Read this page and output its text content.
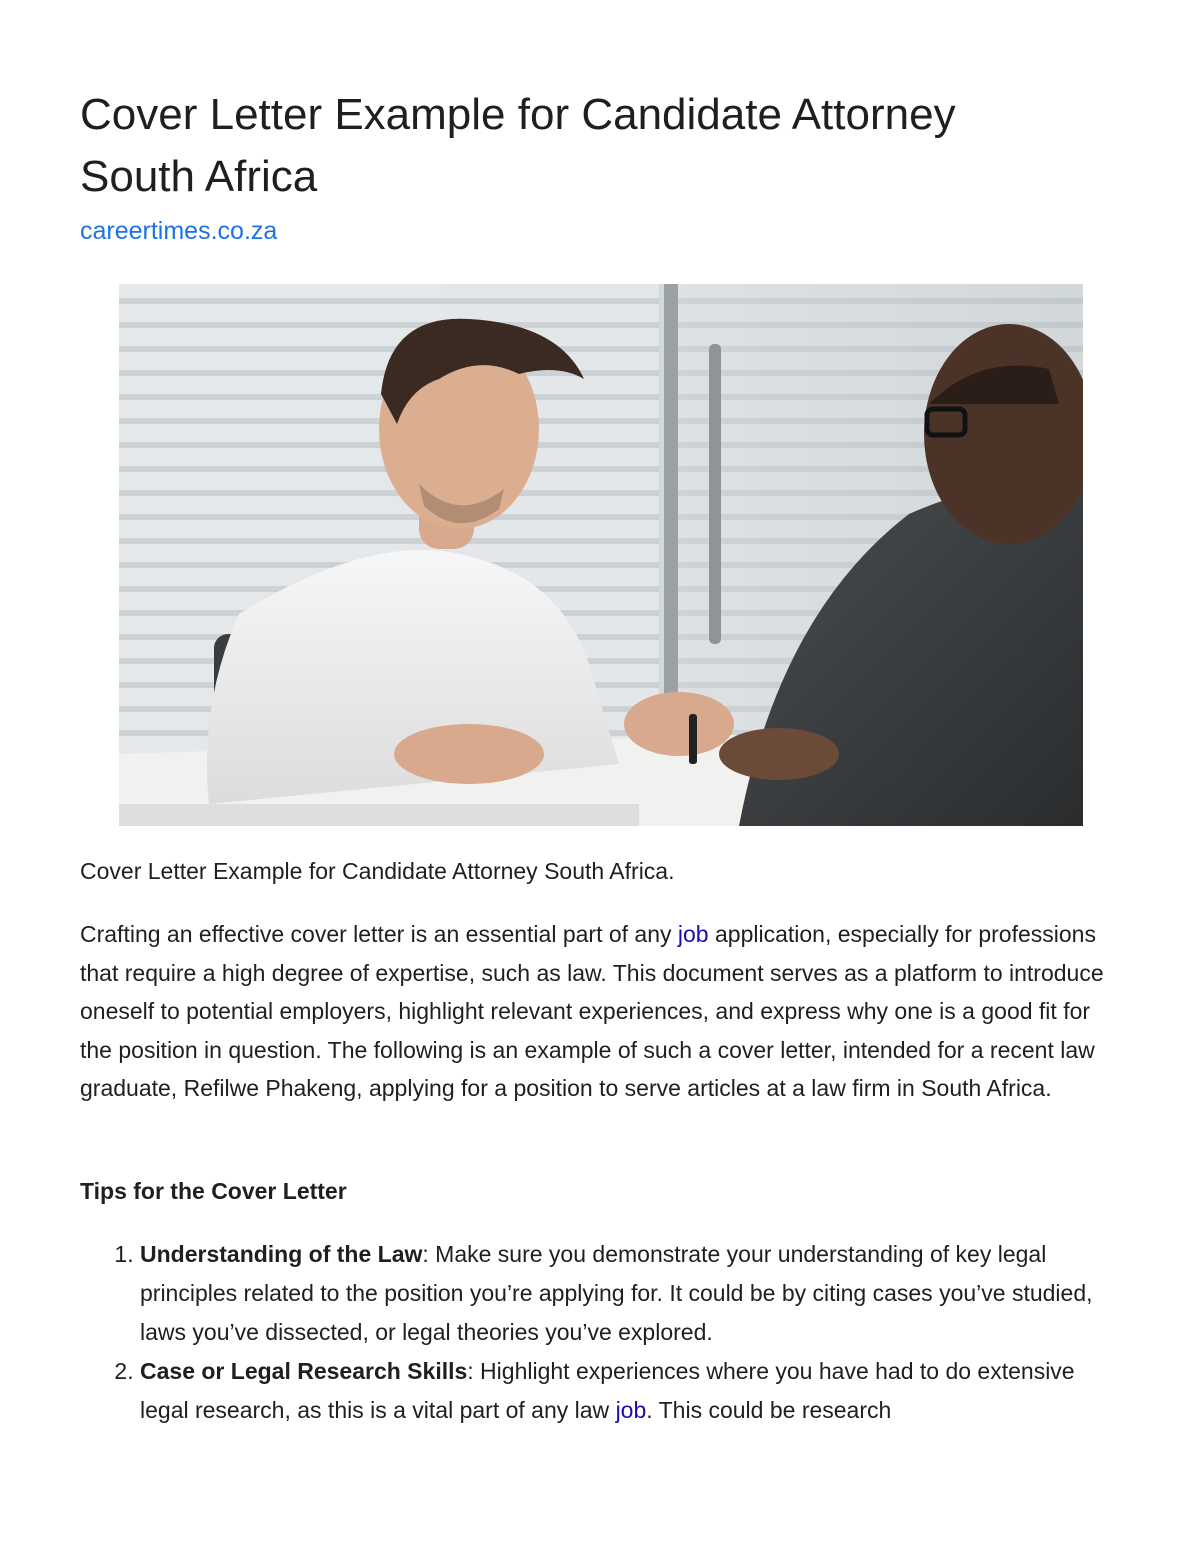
Cover Letter Example for Candidate Attorney South Africa
careertimes.co.za

Cover Letter Example for Candidate Attorney South Africa.

Crafting an effective cover letter is an essential part of any job application, especially for professions that require a high degree of expertise, such as law. This document serves as a platform to introduce oneself to potential employers, highlight relevant experiences, and express why one is a good fit for the position in question. The following is an example of such a cover letter, intended for a recent law graduate, Refilwe Phakeng, applying for a position to serve articles at a law firm in South Africa.

Tips for the Cover Letter
1. Understanding of the Law: Make sure you demonstrate your understanding of key legal principles related to the position you’re applying for. It could be by citing cases you’ve studied, laws you’ve dissected, or legal theories you’ve explored.
2. Case or Legal Research Skills: Highlight experiences where you have had to do extensive legal research, as this is a vital part of any law job. This could be research
